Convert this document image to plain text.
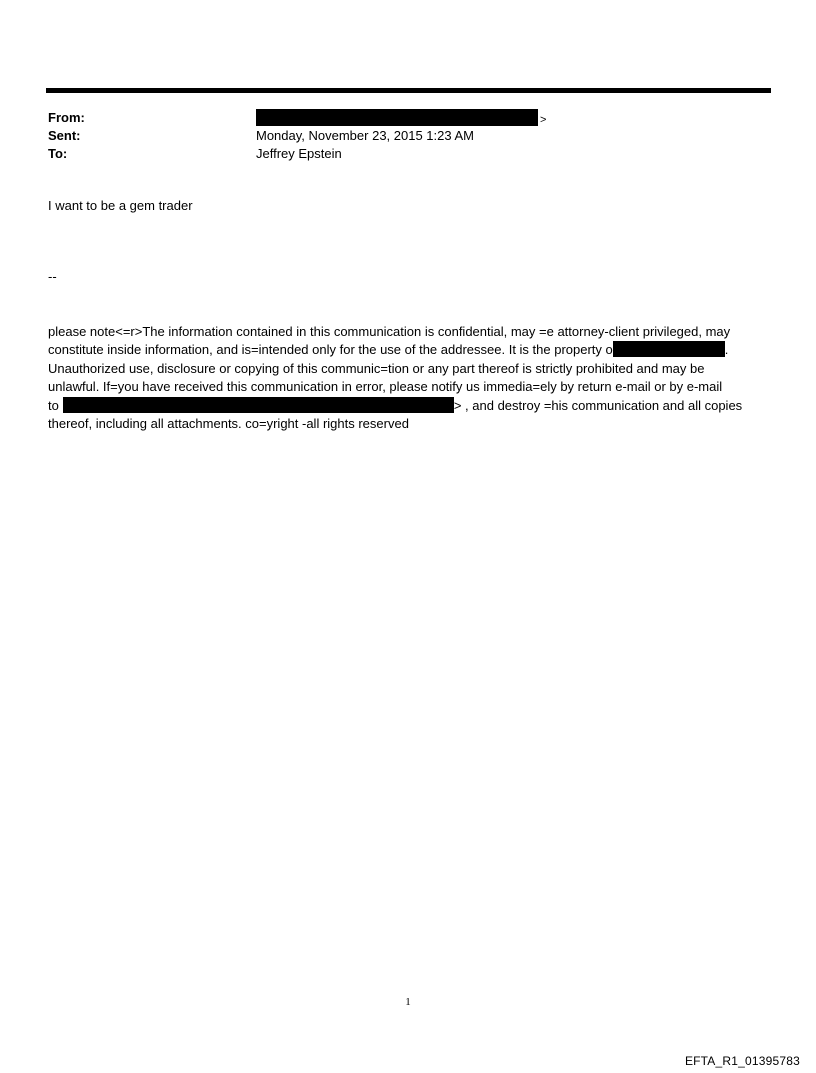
From:	>
Sent:	Monday, November 23, 2015 1:23 AM
To:	Jeffrey Epstein
I want to be a gem trader
--
please note<=r>The information contained in this communication is confidential, may =e attorney-client privileged, may
constitute inside information, and is=intended only for the use of the addressee. It is the property o	.
Unauthorized use, disclosure or copying of this communic=tion or any part thereof is strictly prohibited and may be
unlawful. If=you have received this communication in error, please notify us immedia=ely by return e-mail or by e-mail
to	> , and destroy =his communication and all copies
thereof, including all attachments. co=yright -all rights reserved
1
EFTA_R1_01395783
